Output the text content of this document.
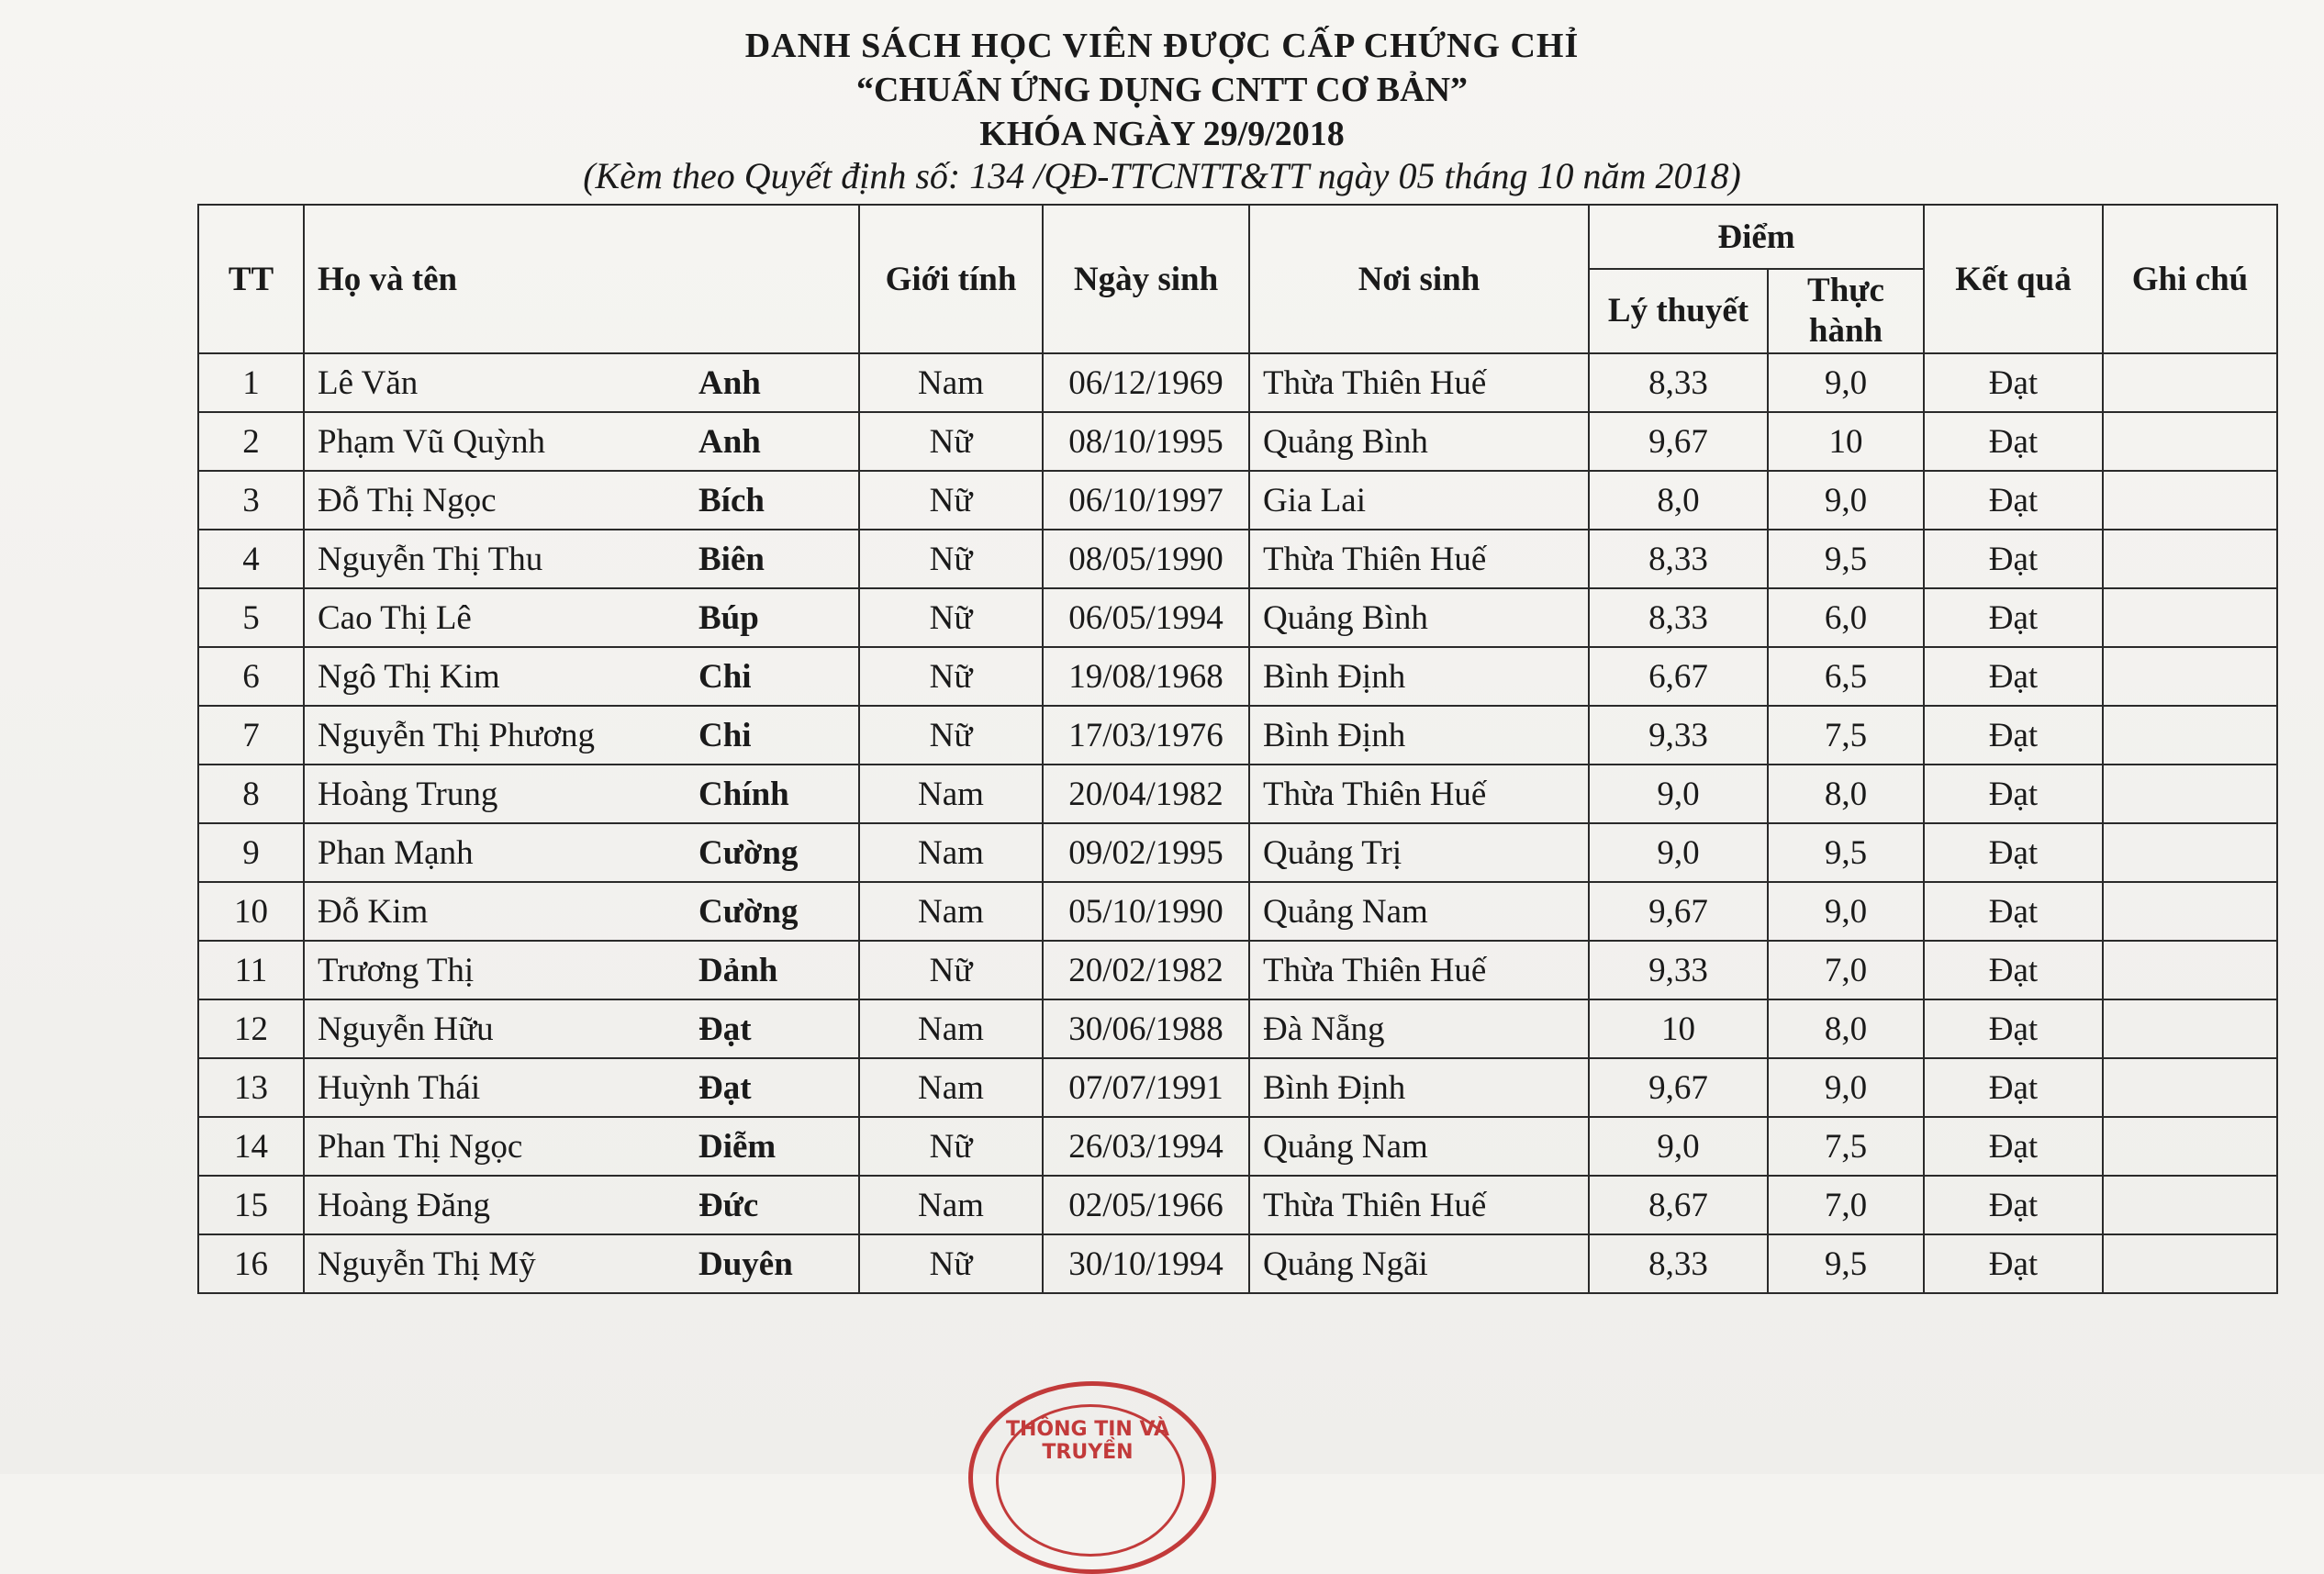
DANH SÁCH HỌC VIÊN ĐƯỢC CẤP CHỨNG CHỈ
“CHUẨN ỨNG DỤNG CNTT CƠ BẢN”
KHÓA NGÀY 29/9/2018
(Kèm theo Quyết định số: 134 /QĐ-TTCNTT&TT ngày 05 tháng 10 năm 2018)
TT	Họ và tên	Giới tính	Ngày sinh	Nơi sinh	Điểm		Kết quả	Ghi chú
					Lý thuyết	Thực hành		
1	Lê Văn Anh	Nam	06/12/1969	Thừa Thiên Huế	8,33	9,0	Đạt	
2	Phạm Vũ Quỳnh Anh	Nữ	08/10/1995	Quảng Bình	9,67	10	Đạt	
3	Đỗ Thị Ngọc Bích	Nữ	06/10/1997	Gia Lai	8,0	9,0	Đạt	
4	Nguyễn Thị Thu Biên	Nữ	08/05/1990	Thừa Thiên Huế	8,33	9,5	Đạt	
5	Cao Thị Lê Búp	Nữ	06/05/1994	Quảng Bình	8,33	6,0	Đạt	
6	Ngô Thị Kim Chi	Nữ	19/08/1968	Bình Định	6,67	6,5	Đạt	
7	Nguyễn Thị Phương Chi	Nữ	17/03/1976	Bình Định	9,33	7,5	Đạt	
8	Hoàng Trung Chính	Nam	20/04/1982	Thừa Thiên Huế	9,0	8,0	Đạt	
9	Phan Mạnh Cường	Nam	09/02/1995	Quảng Trị	9,0	9,5	Đạt	
10	Đỗ Kim Cường	Nam	05/10/1990	Quảng Nam	9,67	9,0	Đạt	
11	Trương Thị Dảnh	Nữ	20/02/1982	Thừa Thiên Huế	9,33	7,0	Đạt	
12	Nguyễn Hữu Đạt	Nam	30/06/1988	Đà Nẵng	10	8,0	Đạt	
13	Huỳnh Thái Đạt	Nam	07/07/1991	Bình Định	9,67	9,0	Đạt	
14	Phan Thị Ngọc Diễm	Nữ	26/03/1994	Quảng Nam	9,0	7,5	Đạt	
15	Hoàng Đăng Đức	Nam	02/05/1966	Thừa Thiên Huế	8,67	7,0	Đạt	
16	Nguyễn Thị Mỹ Duyên	Nữ	30/10/1994	Quảng Ngãi	8,33	9,5	Đạt	
THÔNG TIN VÀ TRUYỀN
